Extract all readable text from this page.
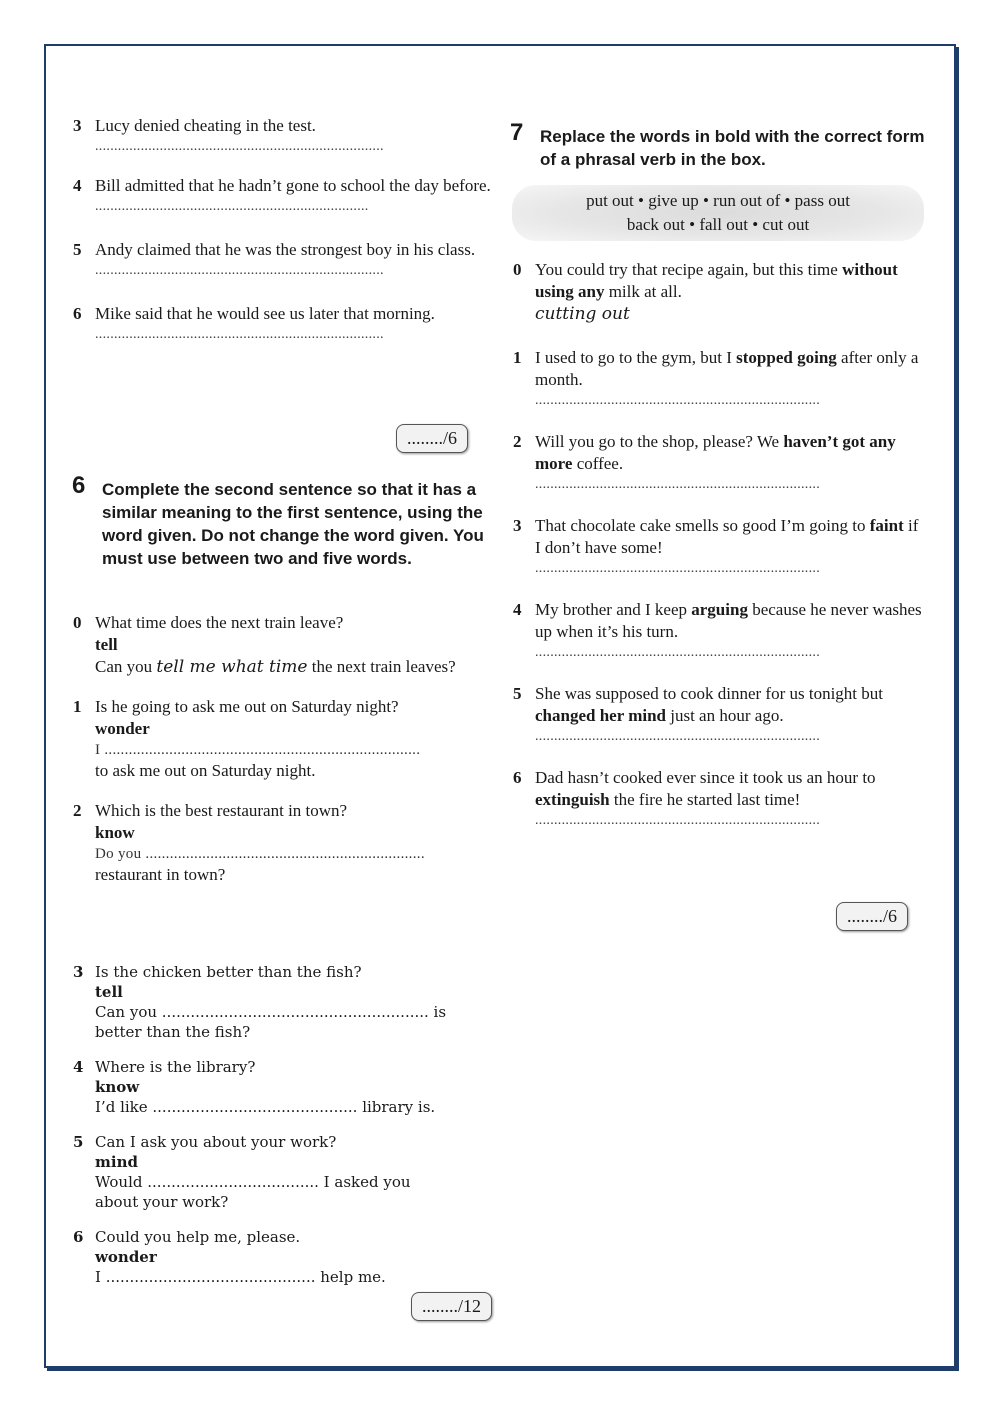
3 Lucy denied cheating in the test.
............................................................................
4 Bill admitted that he hadn’t gone to school the day before.
........................................................................
5 Andy claimed that he was the strongest boy in his class.
............................................................................
6 Mike said that he would see us later that morning.
............................................................................
......../6
6 Complete the second sentence so that it has a similar meaning to the first sentence, using the word given. Do not change the word given. You must use between two and five words.
0 What time does the next train leave?
tell
Can you tell me what time the next train leaves?
1 Is he going to ask me out on Saturday night?
wonder
I ..............................................................................
to ask me out on Saturday night.
2 Which is the best restaurant in town?
know
Do you .....................................................................
restaurant in town?
3 Is the chicken better than the fish?
tell
Can you ........................................................ is
better than the fish?
4 Where is the library?
know
I’d like ........................................... library is.
5 Can I ask you about your work?
mind
Would .................................... I asked you
about your work?
6 Could you help me, please.
wonder
I ............................................ help me.
......../12
7 Replace the words in bold with the correct form of a phrasal verb in the box.
put out • give up • run out of • pass out
back out • fall out • cut out
0 You could try that recipe again, but this time without using any milk at all.
cutting out
1 I used to go to the gym, but I stopped going after only a month.
...........................................................................
2 Will you go to the shop, please? We haven’t got any more coffee.
...........................................................................
3 That chocolate cake smells so good I’m going to faint if I don’t have some!
...........................................................................
4 My brother and I keep arguing because he never washes up when it’s his turn.
...........................................................................
5 She was supposed to cook dinner for us tonight but changed her mind just an hour ago.
...........................................................................
6 Dad hasn’t cooked ever since it took us an hour to extinguish the fire he started last time!
...........................................................................
......../6
